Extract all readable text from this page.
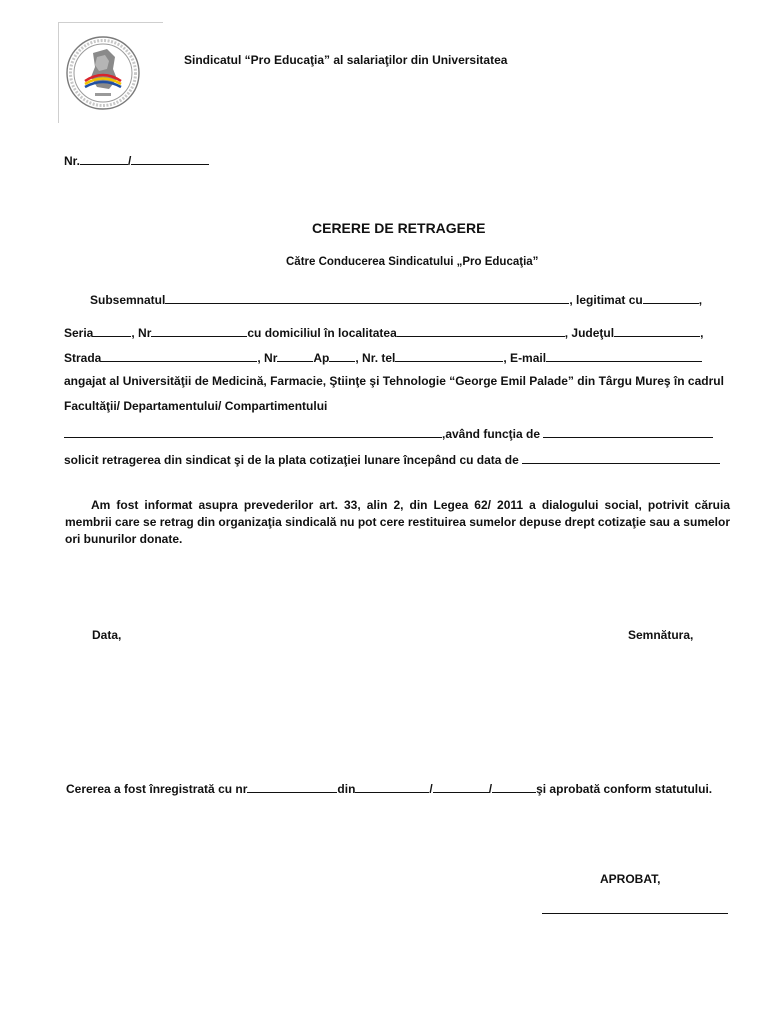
Sindicatul “Pro Educaţia” al salariaţilor din Universitatea
Nr.	/
CERERE DE RETRAGERE
Către Conducerea Sindicatului „Pro Educaţia”
Subsemnatul	, legitimat cu	,
Seria	, Nr	cu domiciliul în localitatea	, Judeţul	,
Strada	, Nr	Ap , Nr. tel	, E-mail
angajat al Universităţii de Medicină, Farmacie, Ştiinţe şi Tehnologie “George Emil Palade” din Târgu Mureş în cadrul
Facultăţii/ Departamentului/ Compartimentului
,având funcţia de
solicit retragerea din sindicat şi de la plata cotizaţiei lunare începând cu data de
Am fost informat asupra prevederilor art. 33, alin 2, din Legea 62/ 2011 a dialogului social, potrivit căruia membrii care se retrag din organizaţia sindicală nu pot cere restituirea sumelor depuse drept cotizaţie sau a sumelor ori bunurilor donate.
Data,	Semnătura,
Cererea a fost înregistrată cu nr	din	/	/	şi aprobată conform statutului.
APROBAT,
